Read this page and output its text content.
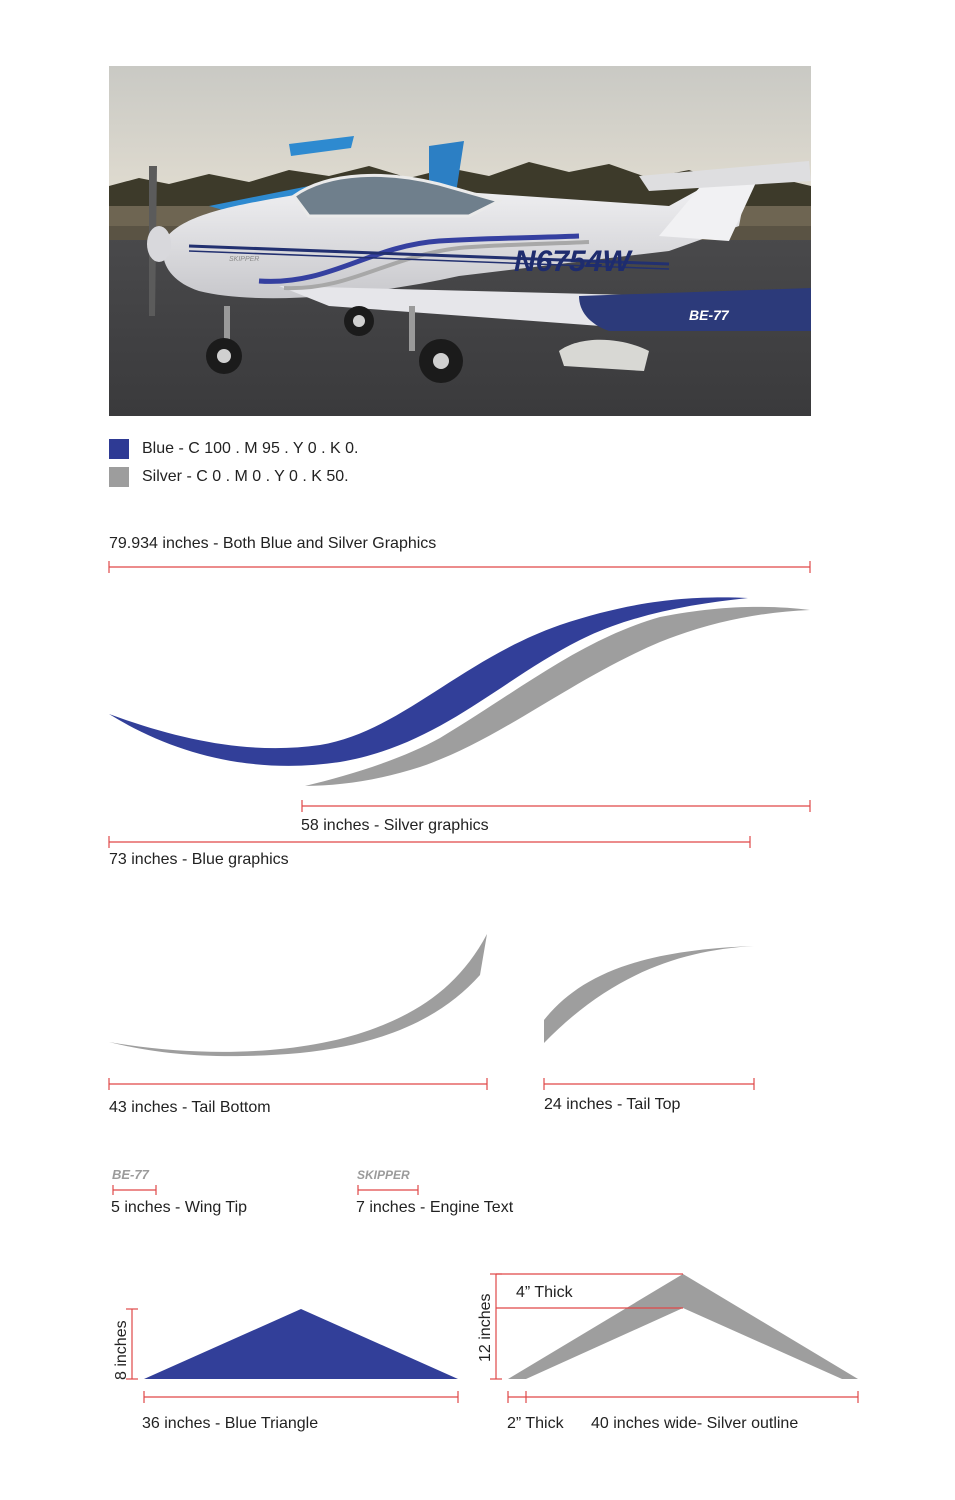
BE-77
N6754W
SKIPPER
Blue - C 100 . M 95 . Y 0 . K 0.
Silver - C 0 . M 0 . Y 0 . K 50.
79.934 inches - Both Blue and Silver Graphics
58 inches - Silver graphics
73 inches - Blue graphics
43 inches - Tail Bottom	24 inches - Tail Top
5 inches - Wing Tip	7 inches - Engine Text
36 inches - Blue Triangle
4” Thick
2” Thick 40 inches wide- Silver outline
BE-77	SKIPPER
8 inches	12 inches
